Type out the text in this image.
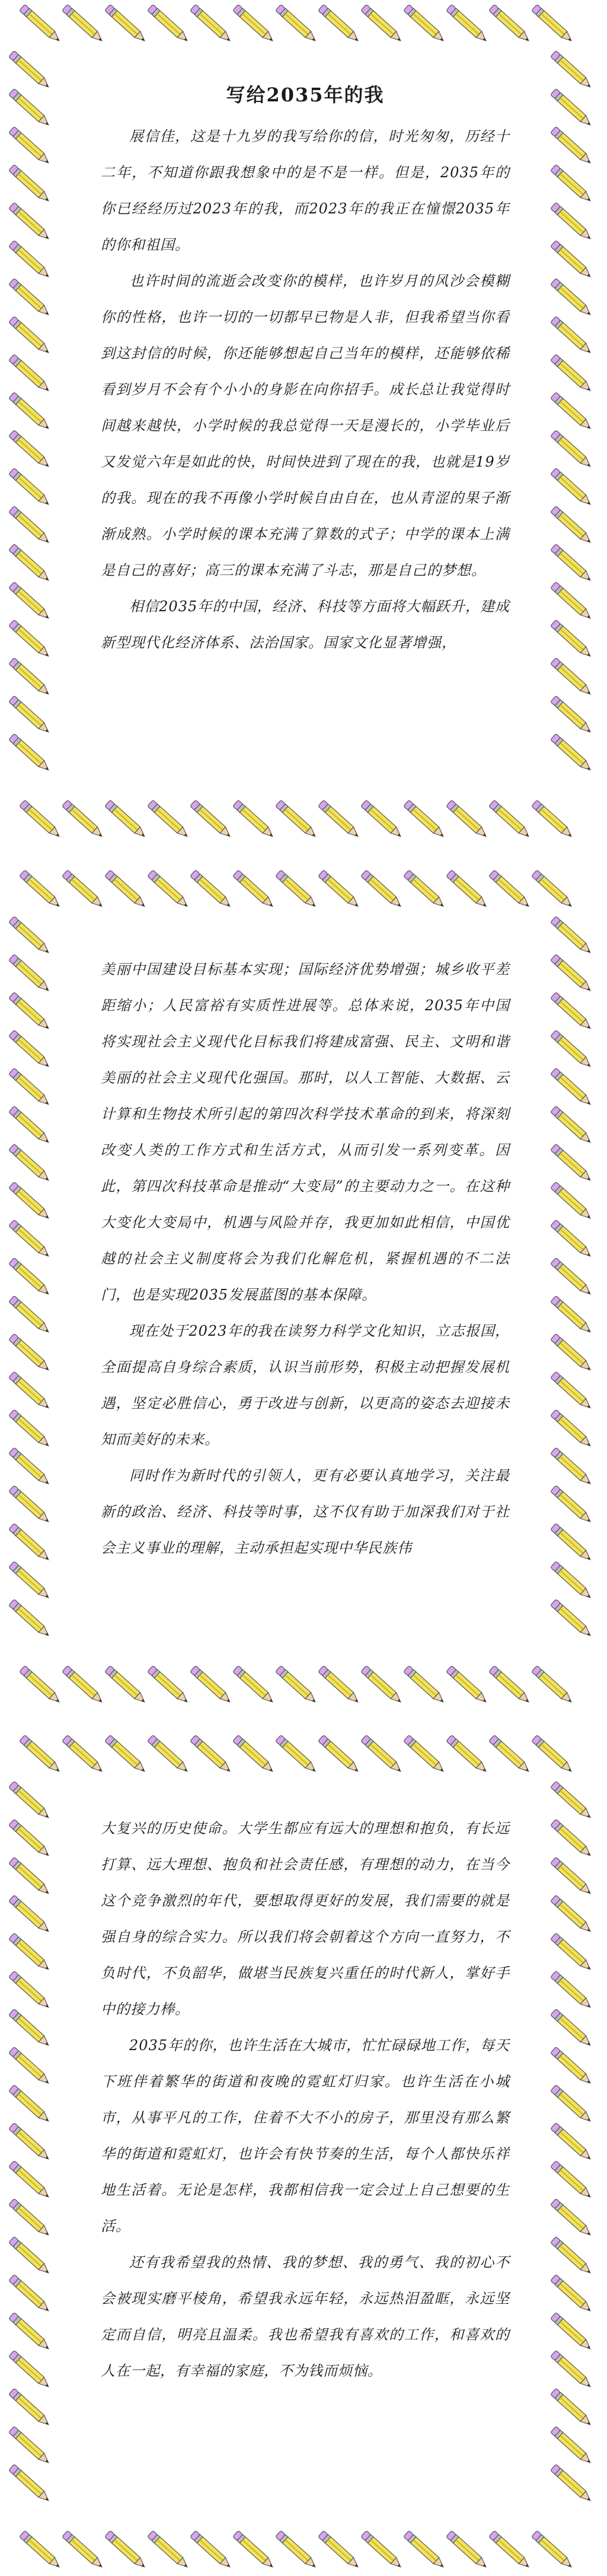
写给2035年的我

展信佳，这是十九岁的我写给你的信，时光匆匆，历经十二年，不知道你跟我想象中的是不是一样。但是，2035年的你已经经历过2023年的我，而2023年的我正在憧憬2035年的你和祖国。

也许时间的流逝会改变你的模样，也许岁月的风沙会模糊你的性格，也许一切的一切都早已物是人非，但我希望当你看到这封信的时候，你还能够想起自己当年的模样，还能够依稀看到岁月不会有个小小的身影在向你招手。成长总让我觉得时间越来越快，小学时候的我总觉得一天是漫长的，小学毕业后又发觉六年是如此的快，时间快进到了现在的我，也就是19岁的我。现在的我不再像小学时候自由自在，也从青涩的果子渐渐成熟。小学时候的课本充满了算数的式子；中学的课本上满是自己的喜好；高三的课本充满了斗志，那是自己的梦想。

相信2035年的中国，经济、科技等方面将大幅跃升，建成新型现代化经济体系、法治国家。国家文化显著增强，

美丽中国建设目标基本实现；国际经济优势增强；城乡收平差距缩小；人民富裕有实质性进展等。总体来说，2035年中国将实现社会主义现代化目标我们将建成富强、民主、文明和谐美丽的社会主义现代化强国。那时，以人工智能、大数据、云计算和生物技术所引起的第四次科学技术革命的到来，将深刻改变人类的工作方式和生活方式，从而引发一系列变革。因此，第四次科技革命是推动“大变局”的主要动力之一。在这种大变化大变局中，机遇与风险并存，我更加如此相信，中国优越的社会主义制度将会为我们化解危机，紧握机遇的不二法门，也是实现2035发展蓝图的基本保障。

现在处于2023年的我在读努力科学文化知识，立志报国，全面提高自身综合素质，认识当前形势，积极主动把握发展机遇，坚定必胜信心，勇于改进与创新，以更高的姿态去迎接未知而美好的未来。

同时作为新时代的引领人，更有必要认真地学习，关注最新的政治、经济、科技等时事，这不仅有助于加深我们对于社会主义事业的理解，主动承担起实现中华民族伟

大复兴的历史使命。大学生都应有远大的理想和抱负，有长远打算、远大理想、抱负和社会责任感，有理想的动力，在当今这个竞争激烈的年代，要想取得更好的发展，我们需要的就是强自身的综合实力。所以我们将会朝着这个方向一直努力，不负时代，不负韶华，做堪当民族复兴重任的时代新人，掌好手中的接力棒。

2035年的你，也许生活在大城市，忙忙碌碌地工作，每天下班伴着繁华的街道和夜晚的霓虹灯归家。也许生活在小城市，从事平凡的工作，住着不大不小的房子，那里没有那么繁华的街道和霓虹灯，也许会有快节奏的生活，每个人都快乐祥地生活着。无论是怎样，我都相信我一定会过上自己想要的生活。

还有我希望我的热情、我的梦想、我的勇气、我的初心不会被现实磨平棱角，希望我永远年轻，永远热泪盈眶，永远坚定而自信，明亮且温柔。我也希望我有喜欢的工作，和喜欢的人在一起，有幸福的家庭，不为钱而烦恼。
